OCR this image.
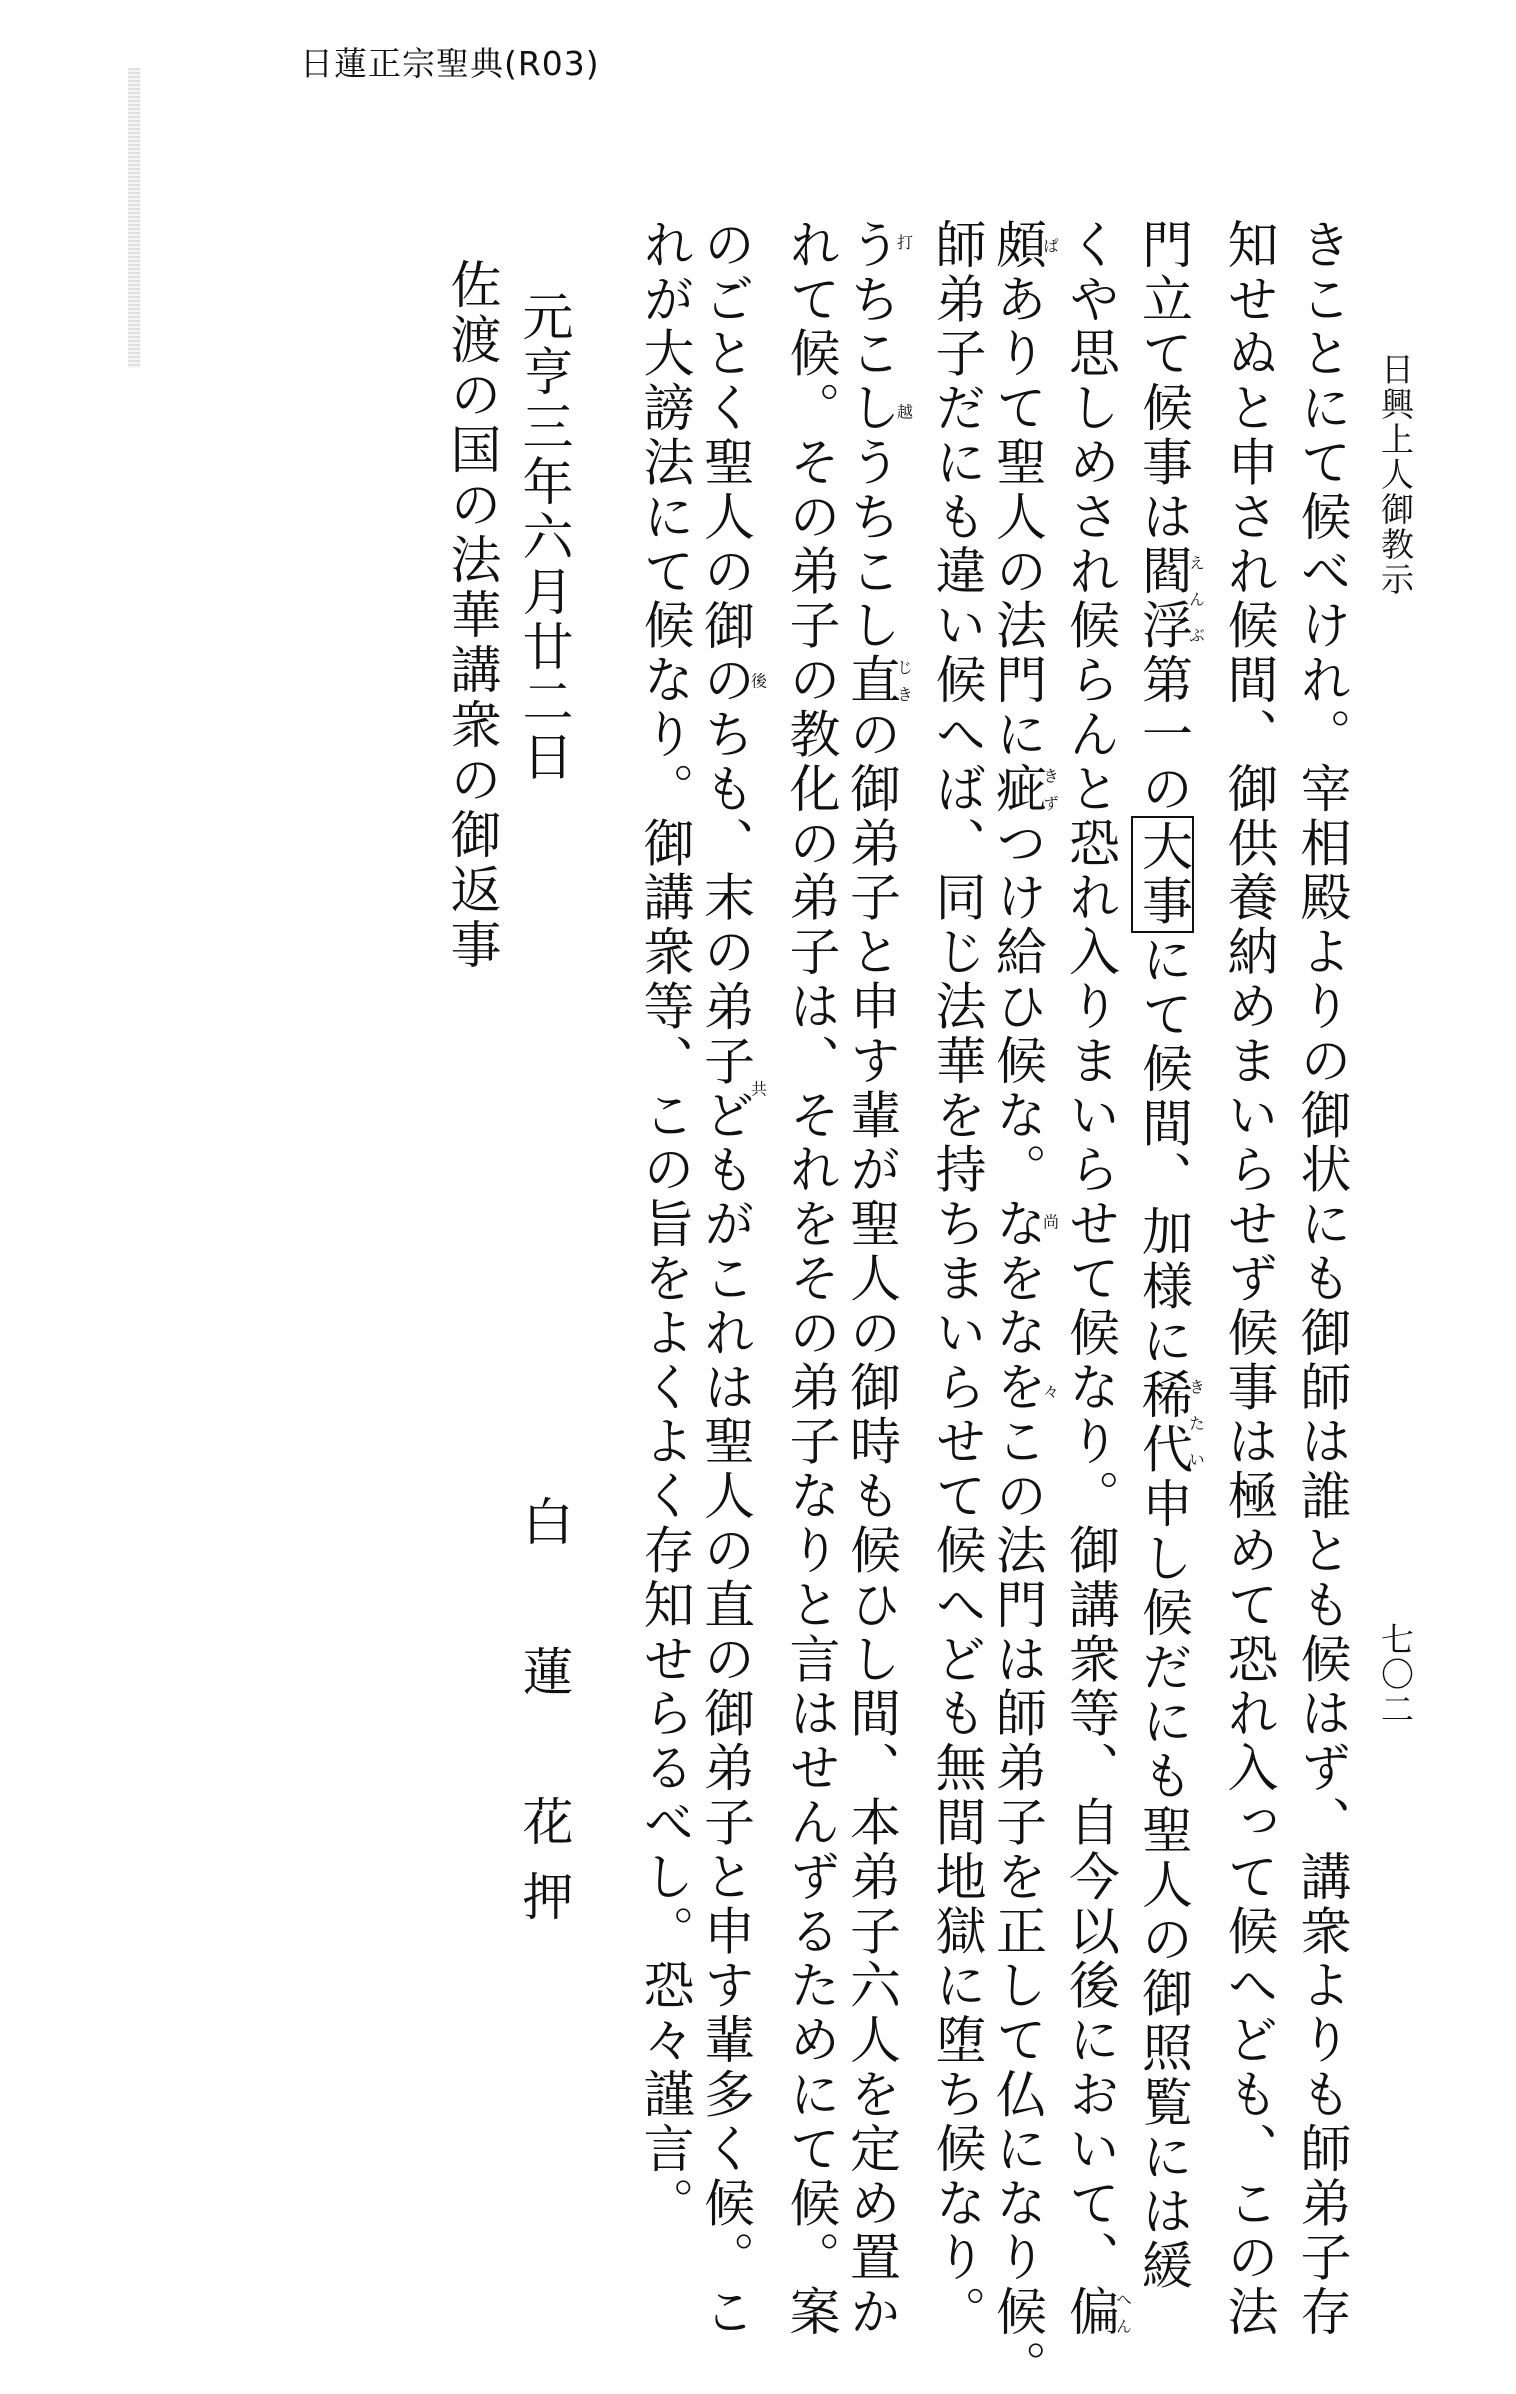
日蓮正宗聖典(R03)
日興上人御教示
七〇二
きことにて候べけれ。宰相殿よりの御状にも御師は誰とも候はず、講衆よりも師弟子存
知せぬと申され候間、御供養納めまいらせず候事は極めて恐れ入って候へども、この法
門立て候事は閻浮えんぶ第一の大事にて候間、加様に稀代きたい申し候だにも聖人の御照覧には緩
くや思しめされ候らんと恐れ入りまいらせて候なり。御講衆等、自今以後において、偏へん
頗ぱありて聖人の法門に疵きずつけ給ひ候な。なをなを尚々この法門は師弟子を正して仏になり候。
師弟子だにも違い候へば、同じ法華を持ちまいらせて候へども無間地獄に堕ち候なり。
うちこし打越うちこし直じきの御弟子と申す輩が聖人の御時も候ひし間、本弟子六人を定め置か
れて候。その弟子の教化の弟子は、それをその弟子なりと言はせんずるためにて候。案
のごとく聖人の御のち後も、末の弟子ども共がこれは聖人の直の御弟子と申す輩多く候。こ
れが大謗法にて候なり。御講衆等、この旨をよくよく存知せらるべし。恐々謹言。
元亨三年六月廿二日
白　蓮　花押
佐渡の国の法華講衆の御返事
